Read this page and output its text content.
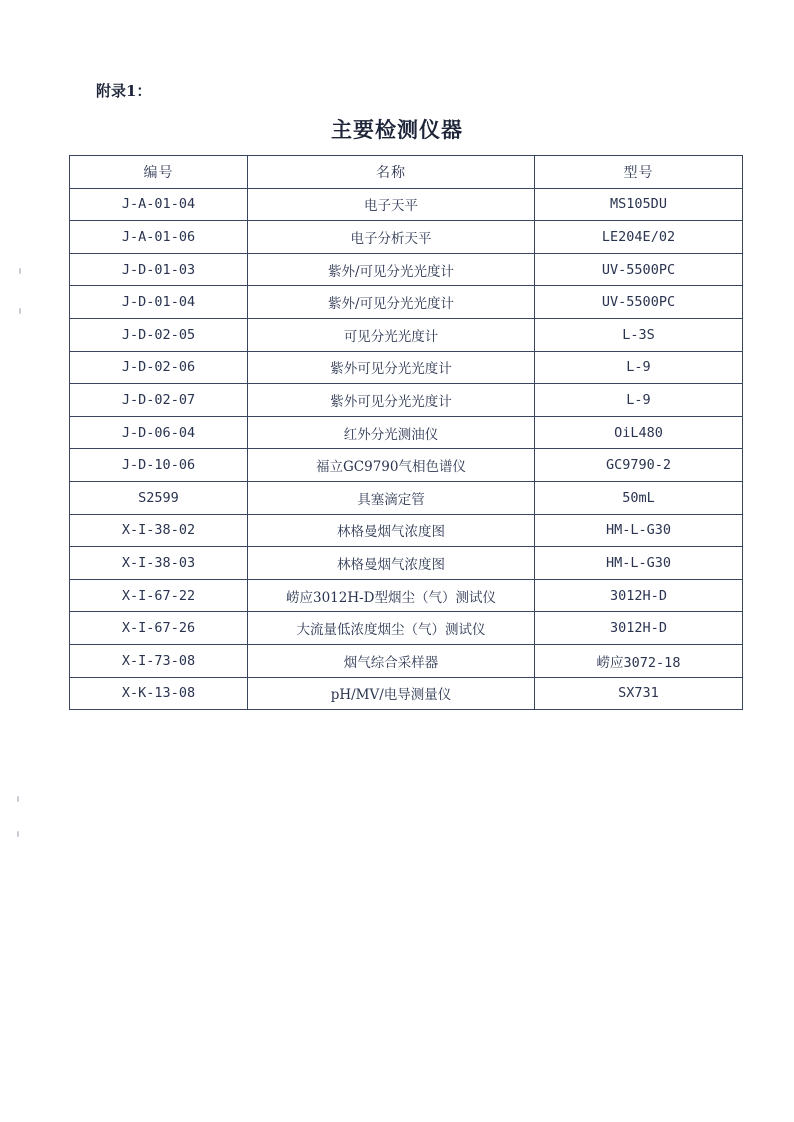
附录1：
主要检测仪器
编号	名称	型号
J-A-01-04	电子天平	MS105DU
J-A-01-06	电子分析天平	LE204E/02
J-D-01-03	紫外/可见分光光度计	UV-5500PC
J-D-01-04	紫外/可见分光光度计	UV-5500PC
J-D-02-05	可见分光光度计	L-3S
J-D-02-06	紫外可见分光光度计	L-9
J-D-02-07	紫外可见分光光度计	L-9
J-D-06-04	红外分光测油仪	OiL480
J-D-10-06	福立GC9790气相色谱仪	GC9790-2
S2599	具塞滴定管	50mL
X-I-38-02	林格曼烟气浓度图	HM-L-G30
X-I-38-03	林格曼烟气浓度图	HM-L-G30
X-I-67-22	崂应3012H-D型烟尘（气）测试仪	3012H-D
X-I-67-26	大流量低浓度烟尘（气）测试仪	3012H-D
X-I-73-08	烟气综合采样器	崂应3072-18
X-K-13-08	pH/MV/电导测量仪	SX731
